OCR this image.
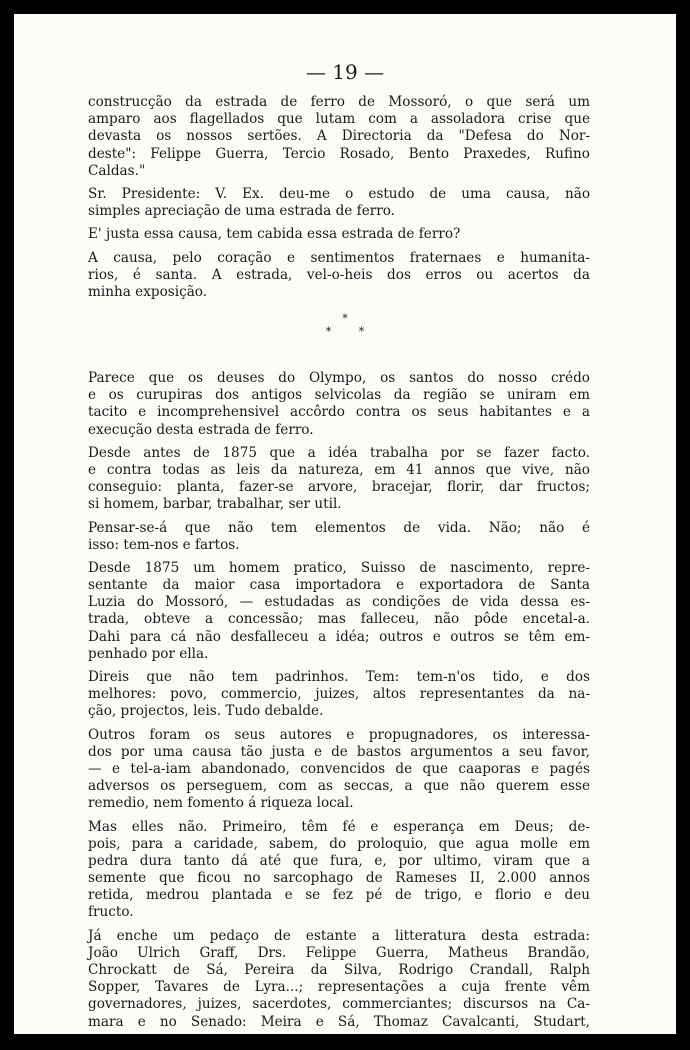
— 19 —
construcção da estrada de ferro de Mossoró, o que será um
amparo aos flagellados que lutam com a assoladora crise que
devasta os nossos sertões. A Directoria da "Defesa do Nor-
deste": Felippe Guerra, Tercio Rosado, Bento Praxedes, Rufino
Caldas."
Sr. Presidente: V. Ex. deu-me o estudo de uma causa, não
simples apreciação de uma estrada de ferro.
E' justa essa causa, tem cabida essa estrada de ferro?
A causa, pelo coração e sentimentos fraternaes e humanita-
rios, é santa. A estrada, vel-o-heis dos erros ou acertos da
minha exposição.
*
* *
Parece que os deuses do Olympo, os santos do nosso crédo
e os curupiras dos antigos selvicolas da região se uniram em
tacito e incomprehensivel accôrdo contra os seus habitantes e a
execução desta estrada de ferro.
Desde antes de 1875 que a idéa trabalha por se fazer facto.
e contra todas as leis da natureza, em 41 annos que vive, não
conseguio: planta, fazer-se arvore, bracejar, florir, dar fructos;
si homem, barbar, trabalhar, ser util.
Pensar-se-á que não tem elementos de vida. Não; não é
isso: tem-nos e fartos.
Desde 1875 um homem pratico, Suisso de nascimento, repre-
sentante da maior casa importadora e exportadora de Santa
Luzia do Mossoró, — estudadas as condições de vida dessa es-
trada, obteve a concessão; mas falleceu, não pôde encetal-a.
Dahi para cá não desfalleceu a idéa; outros e outros se têm em-
penhado por ella.
Direis que não tem padrinhos. Tem: tem-n'os tido, e dos
melhores: povo, commercio, juizes, altos representantes da na-
ção, projectos, leis. Tudo debalde.
Outros foram os seus autores e propugnadores, os interessa-
dos por uma causa tão justa e de bastos argumentos a seu favor,
— e tel-a-iam abandonado, convencidos de que caaporas e pagés
adversos os perseguem, com as seccas, a que não querem esse
remedio, nem fomento á riqueza local.
Mas elles não. Primeiro, têm fé e esperança em Deus; de-
pois, para a caridade, sabem, do proloquio, que agua molle em
pedra dura tanto dá até que fura, e, por ultimo, viram que a
semente que ficou no sarcophago de Rameses II, 2.000 annos
retida, medrou plantada e se fez pé de trigo, e florio e deu
fructo.
Já enche um pedaço de estante a litteratura desta estrada:
João Ulrich Graff, Drs. Felippe Guerra, Matheus Brandão,
Chrockatt de Sá, Pereira da Silva, Rodrigo Crandall, Ralph
Sopper, Tavares de Lyra...; representações a cuja frente vêm
governadores, juizes, sacerdotes, commerciantes; discursos na Ca-
mara e no Senado: Meira e Sá, Thomaz Cavalcanti, Studart,
